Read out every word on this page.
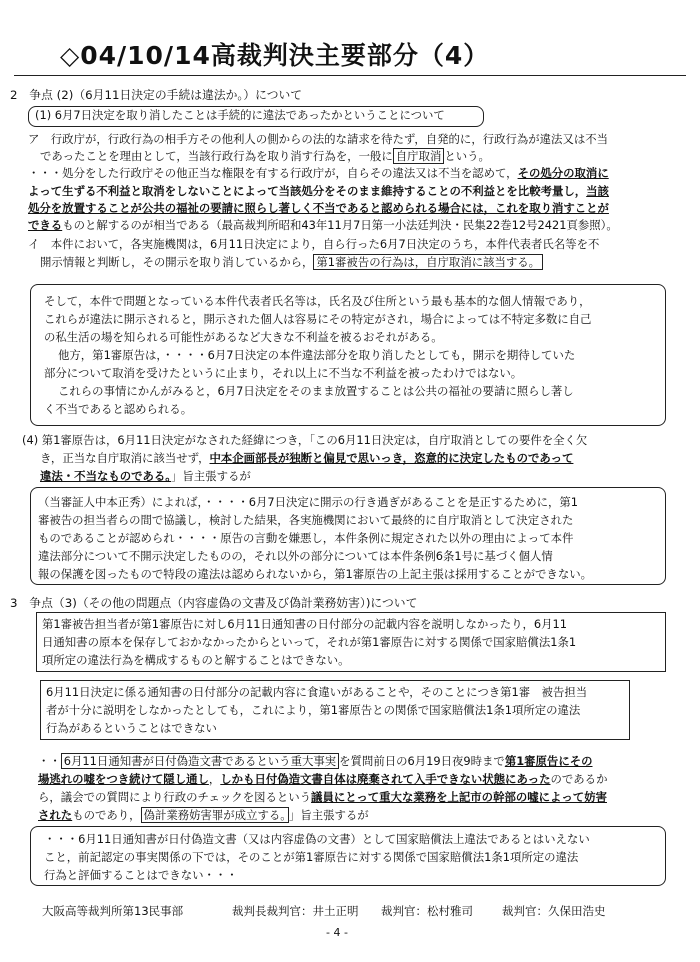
◇04/10/14高裁判決主要部分（4）
2　争点 (2)（6月11日決定の手続は違法か。）について
(1) 6月7日決定を取り消したことは手続的に違法であったかということについて
ア　行政庁が，行政行為の相手方その他利人の側からの法的な請求を待たず，自発的に，行政行為が違法又は不当
であったことを理由として，当該行政行為を取り消す行為を，一般に 自庁取消 という。
・・・処分をした行政庁その他正当な権限を有する行政庁が，自らその違法又は不当を認めて，その処分の取消に
よって生ずる不利益と取消をしないことによって当該処分をそのまま維持することの不利益とを比較考量し，当該
処分を放置することが公共の福祉の要請に照らし著しく不当であると認められる場合には，これを取り消すことが
できるものと解するのが相当である（最高裁判所昭和43年11月7日第一小法廷判決・民集22巻12号2421頁参照）。
イ　本件において，各実施機関は，6月11日決定により，自ら行った6月7日決定のうち，本件代表者氏名等を不
開示情報と判断し，その開示を取り消しているから， 第1審被告の行為は，自庁取消に該当する。
そして，本件で問題となっている本件代表者氏名等は，氏名及び住所という最も基本的な個人情報であり，
これらが違法に開示されると，開示された個人は容易にその特定がされ，場合によっては不特定多数に自己
の私生活の場を知られる可能性があるなど大きな不利益を被るおそれがある。
他方，第1審原告は，・・・・6月7日決定の本件違法部分を取り消したとしても，開示を期待していた
部分について取消を受けたというに止まり，それ以上に不当な不利益を被ったわけではない。
これらの事情にかんがみると，6月7日決定をそのまま放置することは公共の福祉の要請に照らし著し
く不当であると認められる。
(4) 第1審原告は，6月11日決定がなされた経緯につき，「この6月11日決定は，自庁取消としての要件を全く欠
き，正当な自庁取消に該当せず，中本企画部長が独断と偏見で思いっき，恣意的に決定したものであって
違法・不当なものである。」旨主張するが
（当審証人中本正秀）によれば，・・・・6月7日決定に開示の行き過ぎがあることを是正するために，第1
審被告の担当者らの間で協議し，検討した結果，各実施機関において最終的に自庁取消として決定された
ものであることが認められ・・・・原告の言動を嫌悪し，本件条例に規定された以外の理由によって本件
違法部分について不開示決定したものの，それ以外の部分については本件条例6条1号に基づく個人情
報の保護を図ったもので特段の違法は認められないから，第1審原告の上記主張は採用することができない。
3　争点（3)（その他の問題点（内容虚偽の文書及び偽計業務妨害）)について
第1審被告担当者が第1審原告に対し6月11日通知書の日付部分の記載内容を説明しなかったり，6月11
日通知書の原本を保存しておかなかったからといって，それが第1審原告に対する関係で国家賠償法1条1
項所定の違法行為を構成するものと解することはできない。
6月11日決定に係る通知書の日付部分の記載内容に食違いがあることや，そのことにつき第1審　被告担当
者が十分に説明をしなかったとしても，これにより，第1審原告との関係で国家賠償法1条1項所定の違法
行為があるということはできない
・・ 6月11日通知書が日付偽造文書であるという重大事実 を質問前日の6月19日夜9時まで第1審原告にその
場逃れの嘘をつき続けて隠し通し，しかも日付偽造文書自体は廃棄されて入手できない状態にあったのであるか
ら，議会での質問により行政のチェックを図るという議員にとって重大な業務を上記市の幹部の嘘によって妨害
されたものであり， 偽計業務妨害罪が成立する。 」旨主張するが
・・・6月11日通知書が日付偽造文書（又は内容虚偽の文書）として国家賠償法上違法であるとはいえない
こと，前記認定の事実関係の下では，そのことが第1審原告に対する関係で国家賠償法1条1項所定の違法
行為と評価することはできない・・・
大阪高等裁判所第13民事部	裁判長裁判官：井土正明 裁判官：松村雅司	裁判官：久保田浩史
- 4 -
